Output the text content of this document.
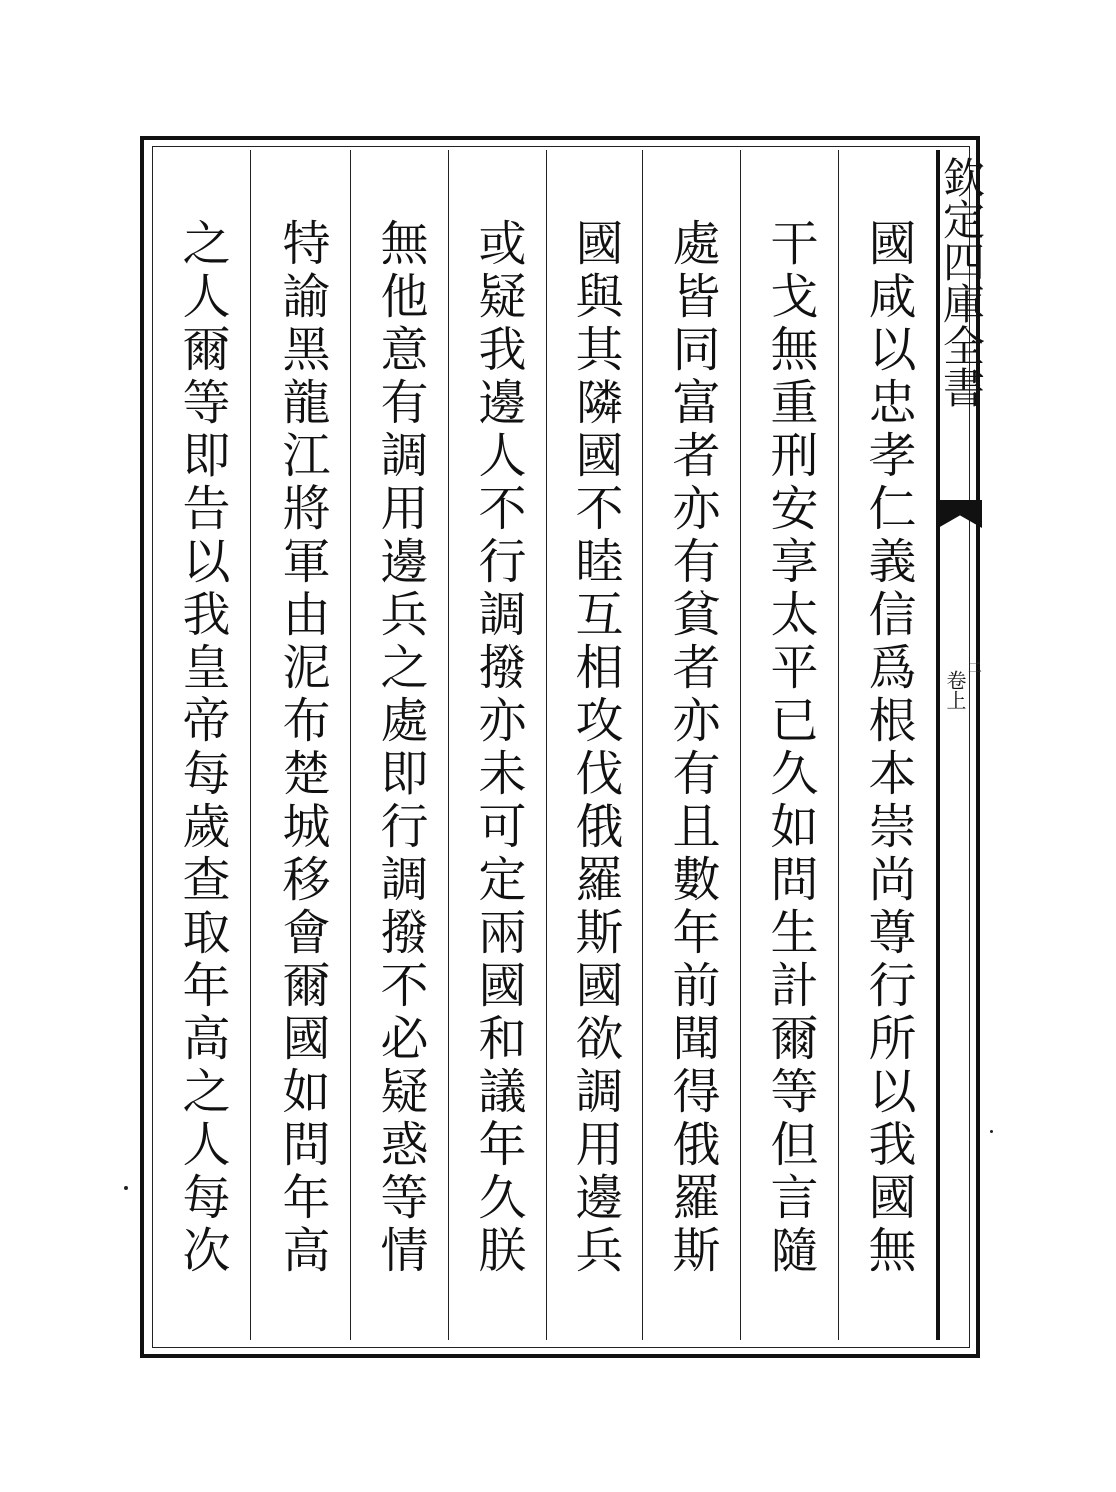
欽定四庫全書
卷上
二
國咸以忠孝仁義信爲根本崇尚尊行所以我國無
干戈無重刑安享太平已久如問生計爾等但言隨
處皆同富者亦有貧者亦有且數年前聞得俄羅斯
國與其隣國不睦互相攻伐俄羅斯國欲調用邊兵
或疑我邊人不行調撥亦未可定兩國和議年久朕
無他意有調用邊兵之處即行調撥不必疑惑等情
特諭黑龍江將軍由泥布楚城移會爾國如問年高
之人爾等即告以我皇帝每歲查取年高之人每次
